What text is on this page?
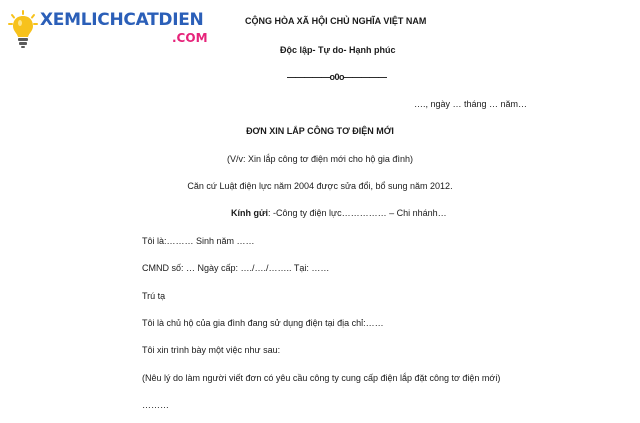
XEMLICHCATDIEN
.COM
CỘNG HÒA XÃ HỘI CHỦ NGHĨA VIỆT NAM
Độc lập- Tự do- Hạnh phúc
—————o0o—————
…., ngày … tháng … năm…
ĐƠN XIN LẮP CÔNG TƠ ĐIỆN MỚI
(V/v: Xin lắp công tơ điện mới cho hộ gia đình)
Căn cứ Luật điện lực năm 2004 được sửa đổi, bổ sung năm 2012.
Kính gửi: -Công ty điện lực…………… – Chi nhánh…
Tôi là:……… Sinh năm ……
CMND số: … Ngày cấp: …./…./…….. Tại: ……
Trú tạ
Tôi là chủ hộ của gia đình đang sử dụng điện tại địa chỉ:……
Tôi xin trình bày một việc như sau:
(Nêu lý do làm người viết đơn có yêu cầu công ty cung cấp điện lắp đặt công tơ điện mới)
………
